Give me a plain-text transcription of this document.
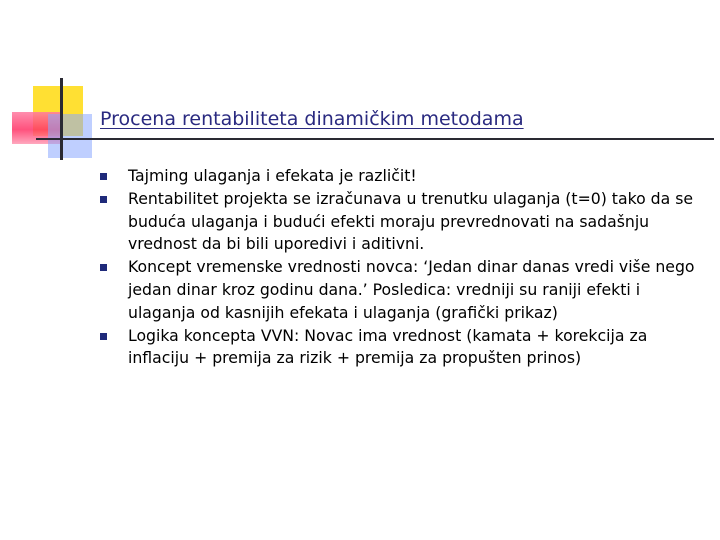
Procena rentabiliteta dinamičkim metodama
Tajming ulaganja i efekata je različit!
Rentabilitet projekta se izračunava u trenutku ulaganja (t=0) tako da se buduća ulaganja i budući efekti moraju prevrednovati na sadašnju vrednost da bi bili uporedivi i aditivni.
Koncept vremenske vrednosti novca: ‘Jedan dinar danas vredi više nego jedan dinar kroz godinu dana.’ Posledica: vredniji su raniji efekti i ulaganja od kasnijih efekata i ulaganja (grafički prikaz)
Logika koncepta VVN: Novac ima vrednost (kamata + korekcija za inflaciju + premija za rizik + premija za propušten prinos)
